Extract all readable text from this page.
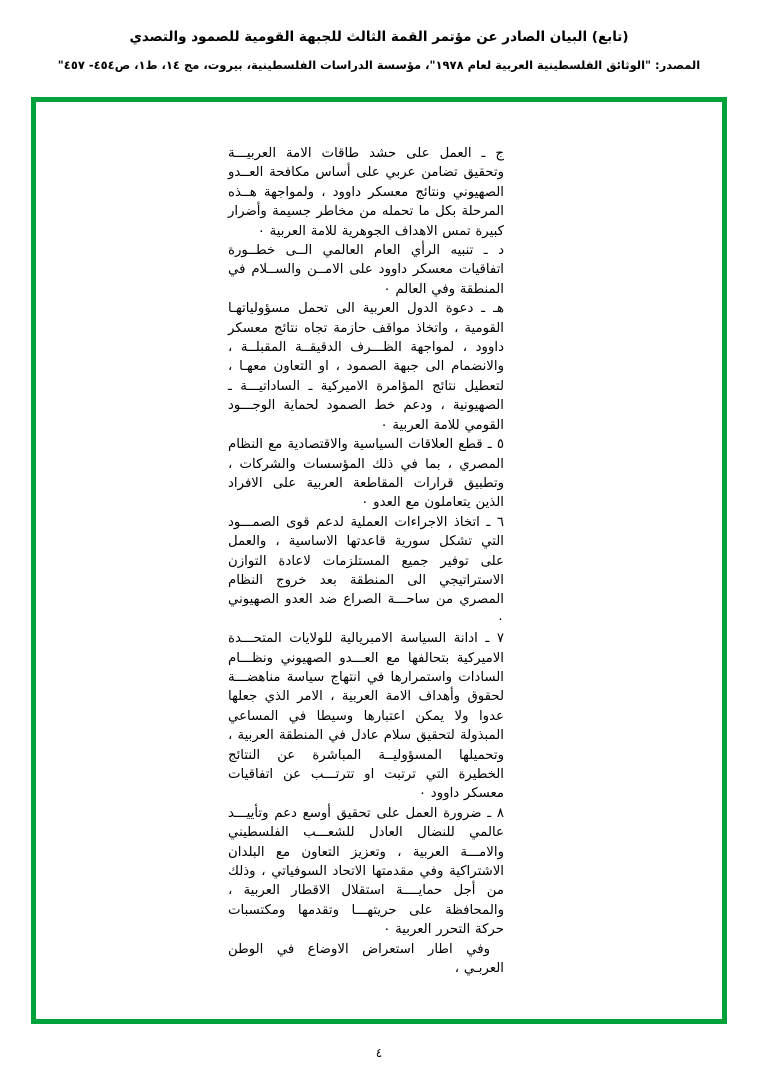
(تابع) البيان الصادر عن مؤتمر القمة الثالث للجبهة القومية للصمود والتصدي
المصدر: "الوثائق الفلسطينية العربية لعام ١٩٧٨"، مؤسسة الدراسات الفلسطينية، بيروت، مج ١٤، ط١، ص٤٥٤- ٤٥٧"

ج ـ العمل على حشد طاقات الامة العربيـــة وتحقيق تضامن عربي على أساس مكافحة العــدو الصهيوني ونتائج معسكر داوود ، ولمواجهة هــذه المرحلة بكل ما تحمله من مخاطر جسيمة وأضرار كبيرة تمس الاهداف الجوهرية للامة العربية ٠

د ـ تنبيه الرأي العام العالمي الــى خطــورة اتفاقيات معسكر داوود على الامــن والســلام في المنطقة وفي العالم ٠

هـ ـ دعوة الدول العربية الى تحمل مسؤولياتهـا القومية ، واتخاذ مواقف حازمة تجاه نتائج معسكر داوود ، لمواجهة الظـــرف الدقيقــة المقبلــة ، والانضمام الى جبهة الصمود ، او التعاون معهـا ، لتعطيل نتائج المؤامرة الاميركية ـ الساداتيـــة ـ الصهيونية ، ودعم خط الصمود لحماية الوجـــود القومي للامة العربية ٠

٥ ـ قطع العلاقات السياسية والاقتصادية مع النظام المصري ، بما في ذلك المؤسسات والشركات ، وتطبيق قرارات المقاطعة العربية على الافراد الذين يتعاملون مع العدو ٠

٦ ـ اتخاذ الاجراءات العملية لدعم قوى الصمـــود التي تشكل سورية قاعدتها الاساسية ، والعمل على توفير جميع المستلزمات لاعادة التوازن الاستراتيجي الى المنطقة بعد خروج النظام المصري من ساحـــة الصراع ضد العدو الصهيوني ٠

٧ ـ ادانة السياسة الامبريالية للولايات المتحـــدة الاميركية بتحالفها مع العـــدو الصهيوني ونظـــام السادات واستمرارها في انتهاج سياسة مناهضـــة لحقوق وأهداف الامة العربية ، الامر الذي جعلها عدوا ولا يمكن اعتبارها وسيطا في المساعي المبذولة لتحقيق سلام عادل في المنطقة العربية ، وتحميلها المسؤوليــة المباشرة عن النتائج الخطيرة التي ترتبت او تترتـــب عن اتفاقيات معسكر داوود ٠

٨ ـ ضرورة العمل على تحقيق أوسع دعم وتأييـــد عالمي للنضال العادل للشعـــب الفلسطيني والامـــة العربية ، وتعزيز التعاون مع البلدان الاشتراكية وفي مقدمتها الاتحاد السوفياتي ، وذلك من أجل حمايــــة استقلال الاقطار العربية ، والمحافظة على حريتهـــا وتقدمها ومكتسبات حركة التحرر العربية ٠

وفي اطار استعراض الاوضاع في الوطن العربـي ،

٤
